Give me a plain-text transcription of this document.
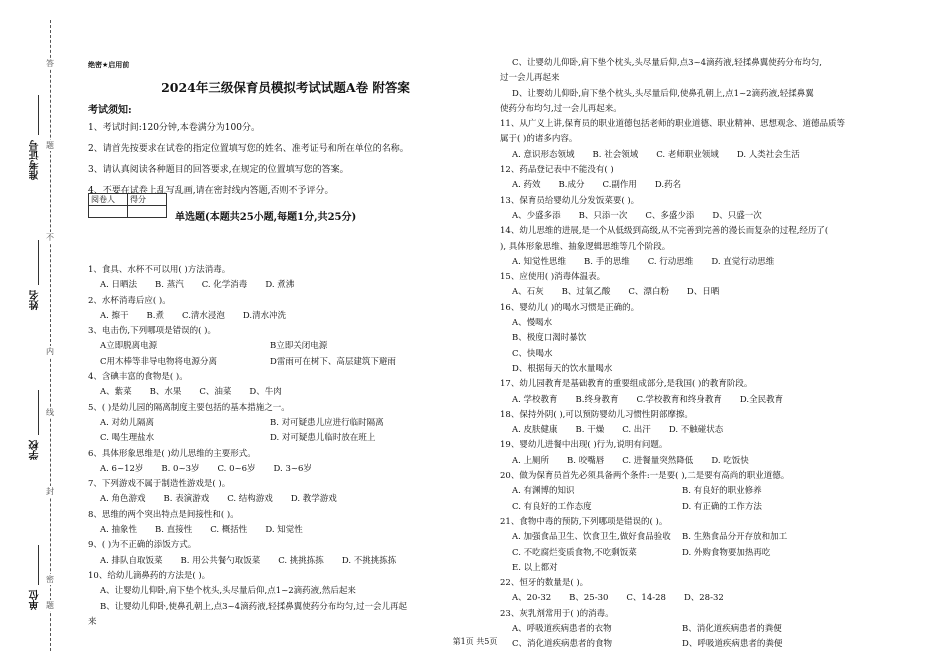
答
题
不
内
线
封
密
题
准考证号
姓名
学校
单位
绝密★启用前
2024年三级保育员模拟考试试题A卷 附答案
考试须知:
1、考试时间:120分钟,本卷满分为100分。
2、请首先按要求在试卷的指定位置填写您的姓名、准考证号和所在单位的名称。
3、请认真阅读各种题目的回答要求,在规定的位置填写您的答案。
4、不要在试卷上乱写乱画,请在密封线内答题,否则不予评分。
阅卷人	得分

单选题(本题共25小题,每题1分,共25分)
1、食具、水杯不可以用( )方法消毒。
A. 日晒法 B. 蒸汽 C. 化学消毒 D. 煮沸
2、水杯消毒后应( )。
A. 擦干 B.煮 C.清水浸泡 D.清水冲洗
3、电击伤,下列哪项是错误的( )。
A立即脱离电源	B立即关闭电源
C用木棒等非导电物将电源分离	D雷雨可在树下、高层建筑下避雨
4、含碘丰富的食物是( )。
A、紫菜 B、水果 C、油菜 D、牛肉
5、( )是幼儿园的隔离制度主要包括的基本措施之一。
A. 对幼儿隔离	B. 对可疑患儿应进行临时隔离
C. 喝生理盐水	D. 对可疑患儿临时放在班上
6、具体形象思维是( )幼儿思维的主要形式。
A. 6~12岁 B. 0~3岁 C. 0~6岁 D. 3~6岁
7、下列游戏不属于制造性游戏是( )。
A. 角色游戏 B. 表演游戏 C. 结构游戏 D. 教学游戏
8、思维的两个突出特点是间接性和( )。
A. 抽象性 B. 直接性 C. 概括性 D. 知觉性
9、( )为不正确的添饭方式。
A. 排队自取饭菜 B. 用公共餐勺取饭菜 C. 挑挑拣拣 D. 不挑挑拣拣
10、给幼儿滴鼻药的方法是( )。
A、让婴幼儿仰卧,肩下垫个枕头,头尽量后仰,点1~2滴药液,然后起来
B、让婴幼儿仰卧,使鼻孔朝上,点3~4滴药液,轻揉鼻翼使药分布均匀,过一会儿再起
来
C、让婴幼儿仰卧,肩下垫个枕头,头尽量后仰,点3~4滴药液,轻揉鼻翼使药分布均匀,
过一会儿再起来
D、让婴幼儿仰卧,肩下垫个枕头,头尽量后仰,使鼻孔朝上,点1~2滴药液,轻揉鼻翼
使药分布均匀,过一会儿再起来。
11、从广义上讲,保育员的职业道德包括老师的职业道德、职业精神、思想观念、道德品质等
属于( )的诸多内容。
A. 意识形态领域 B. 社会领域 C. 老师职业领域 D. 人类社会生活
12、药品登记表中不能没有( )
A. 药效 B.成分 C.副作用 D.药名
13、保育员给婴幼儿分发饭菜要( )。
A、少盛多添 B、只添一次 C、多盛少添 D、只盛一次
14、幼儿思维的进展,是一个从低级到高级,从不完善到完善的漫长而复杂的过程,经历了(
), 具体形象思维、抽象逻辑思维等几个阶段。
A. 知觉性思维 B. 手的思维 C. 行动思维 D. 直觉行动思维
15、应使用( )消毒体温表。
A、石灰 B、过氧乙酸 C、漂白粉 D、日晒
16、婴幼儿( )的喝水习惯是正确的。
A、慢喝水
B、极度口渴时暴饮
C、快喝水
D、根据每天的饮水量喝水
17、幼儿园教育是基础教育的重要组成部分,是我国( )的教育阶段。
A. 学校教育 B.终身教育 C.学校教育和终身教育 D.全民教育
18、保持外阴( ),可以预防婴幼儿习惯性阴部摩擦。
A. 皮肤健康 B. 干燥 C. 出汗 D. 不触碰状态
19、婴幼儿进餐中出现( )行为,说明有问题。
A. 上厕所 B. 咬嘴唇 C. 进餐量突然降低 D. 吃饭快
20、做为保育员首先必须具备两个条件:一是要( ),二是要有高尚的职业道德。
A. 有渊博的知识	B. 有良好的职业修养
C. 有良好的工作态度	D. 有正确的工作方法
21、食物中毒的预防,下列哪项是错误的( )。
A. 加强食品卫生、饮食卫生,做好食品验收	B. 生熟食品分开存放和加工
C. 不吃腐烂变质食物,不吃剩饭菜	D. 外购食物要加热再吃
E. 以上都对
22、恒牙的数量是( )。
A、20-32 B、25-30 C、14-28 D、28-32
23、灰乳剂常用于( )的消毒。
A、呼吸道疾病患者的衣物	B、消化道疾病患者的粪便
C、消化道疾病患者的食物	D、呼吸道疾病患者的粪便
第1页 共5页
